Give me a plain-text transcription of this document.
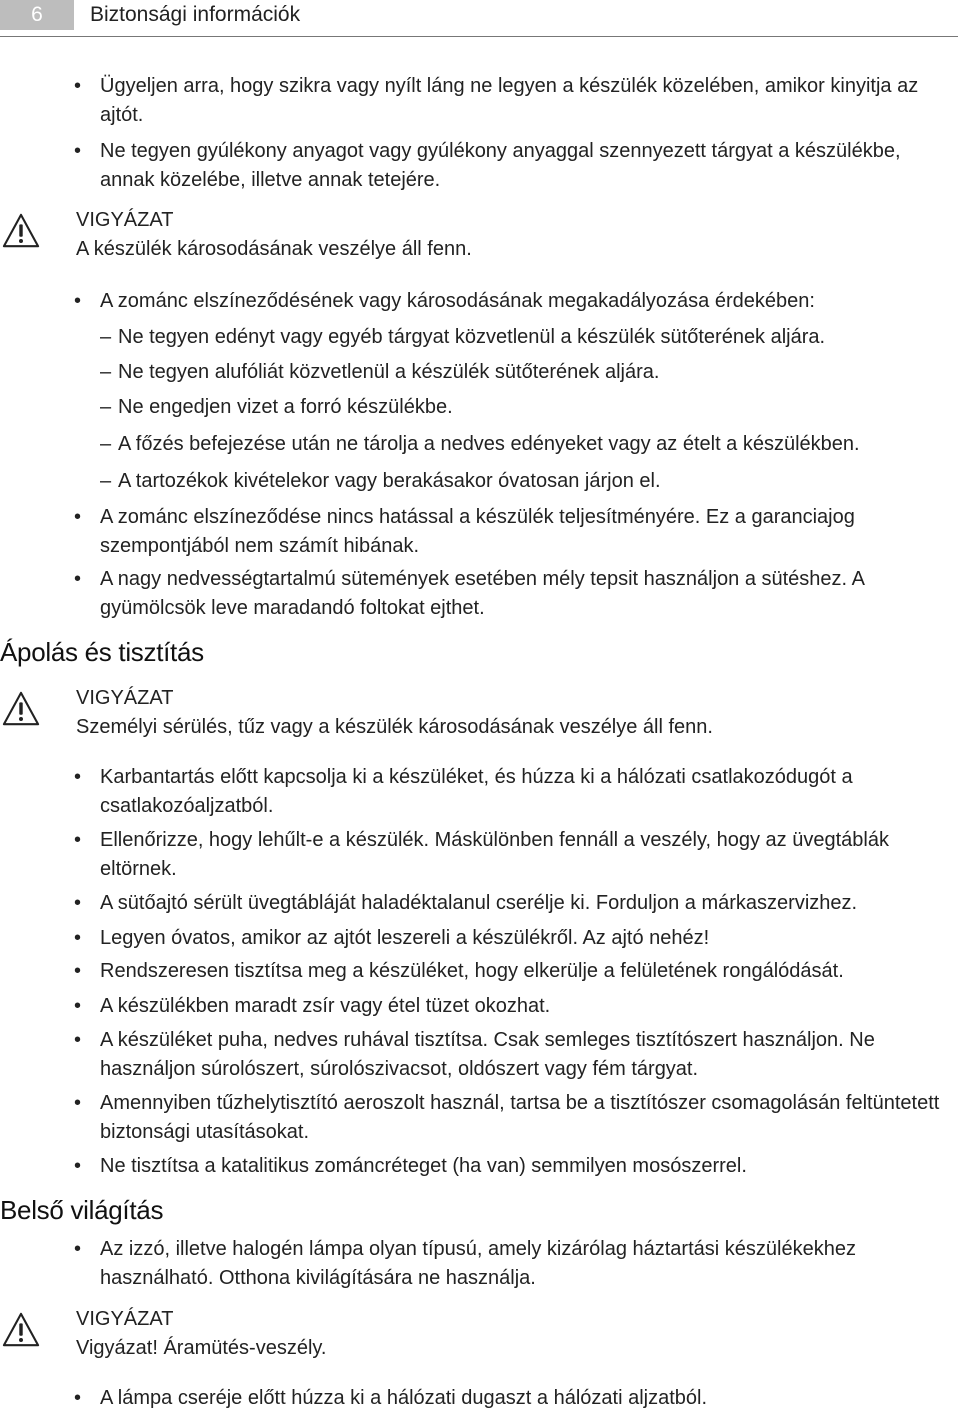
6	Biztonsági információk
• Ügyeljen arra, hogy szikra vagy nyílt láng ne legyen a készülék közelében, amikor kinyitja az ajtót.
• Ne tegyen gyúlékony anyagot vagy gyúlékony anyaggal szennyezett tárgyat a készülékbe, annak közelébe, illetve annak tetejére.
VIGYÁZAT
A készülék károsodásának veszélye áll fenn.
• A zománc elszíneződésének vagy károsodásának megakadályozása érdekében:
– Ne tegyen edényt vagy egyéb tárgyat közvetlenül a készülék sütőterének aljára.
– Ne tegyen alufóliát közvetlenül a készülék sütőterének aljára.
– Ne engedjen vizet a forró készülékbe.
– A főzés befejezése után ne tárolja a nedves edényeket vagy az ételt a készülékben.
– A tartozékok kivételekor vagy berakásakor óvatosan járjon el.
• A zománc elszíneződése nincs hatással a készülék teljesítményére. Ez a garanciajog szempontjából nem számít hibának.
• A nagy nedvességtartalmú sütemények esetében mély tepsit használjon a sütéshez. A gyümölcsök leve maradandó foltokat ejthet.
Ápolás és tisztítás
VIGYÁZAT
Személyi sérülés, tűz vagy a készülék károsodásának veszélye áll fenn.
• Karbantartás előtt kapcsolja ki a készüléket, és húzza ki a hálózati csatlakozódugót a csatlakozóaljzatból.
• Ellenőrizze, hogy lehűlt-e a készülék. Máskülönben fennáll a veszély, hogy az üvegtáblák eltörnek.
• A sütőajtó sérült üvegtábláját haladéktalanul cserélje ki. Forduljon a márkaszervizhez.
• Legyen óvatos, amikor az ajtót leszereli a készülékről. Az ajtó nehéz!
• Rendszeresen tisztítsa meg a készüléket, hogy elkerülje a felületének rongálódását.
• A készülékben maradt zsír vagy étel tüzet okozhat.
• A készüléket puha, nedves ruhával tisztítsa. Csak semleges tisztítószert használjon. Ne használjon súrolószert, súrolószivacsot, oldószert vagy fém tárgyat.
• Amennyiben tűzhelytisztító aeroszolt használ, tartsa be a tisztítószer csomagolásán feltüntetett biztonsági utasításokat.
• Ne tisztítsa a katalitikus zománcréteget (ha van) semmilyen mosószerrel.
Belső világítás
• Az izzó, illetve halogén lámpa olyan típusú, amely kizárólag háztartási készülékekhez használható. Otthona kivilágítására ne használja.
VIGYÁZAT
Vigyázat! Áramütés-veszély.
• A lámpa cseréje előtt húzza ki a hálózati dugaszt a hálózati aljzatból.
